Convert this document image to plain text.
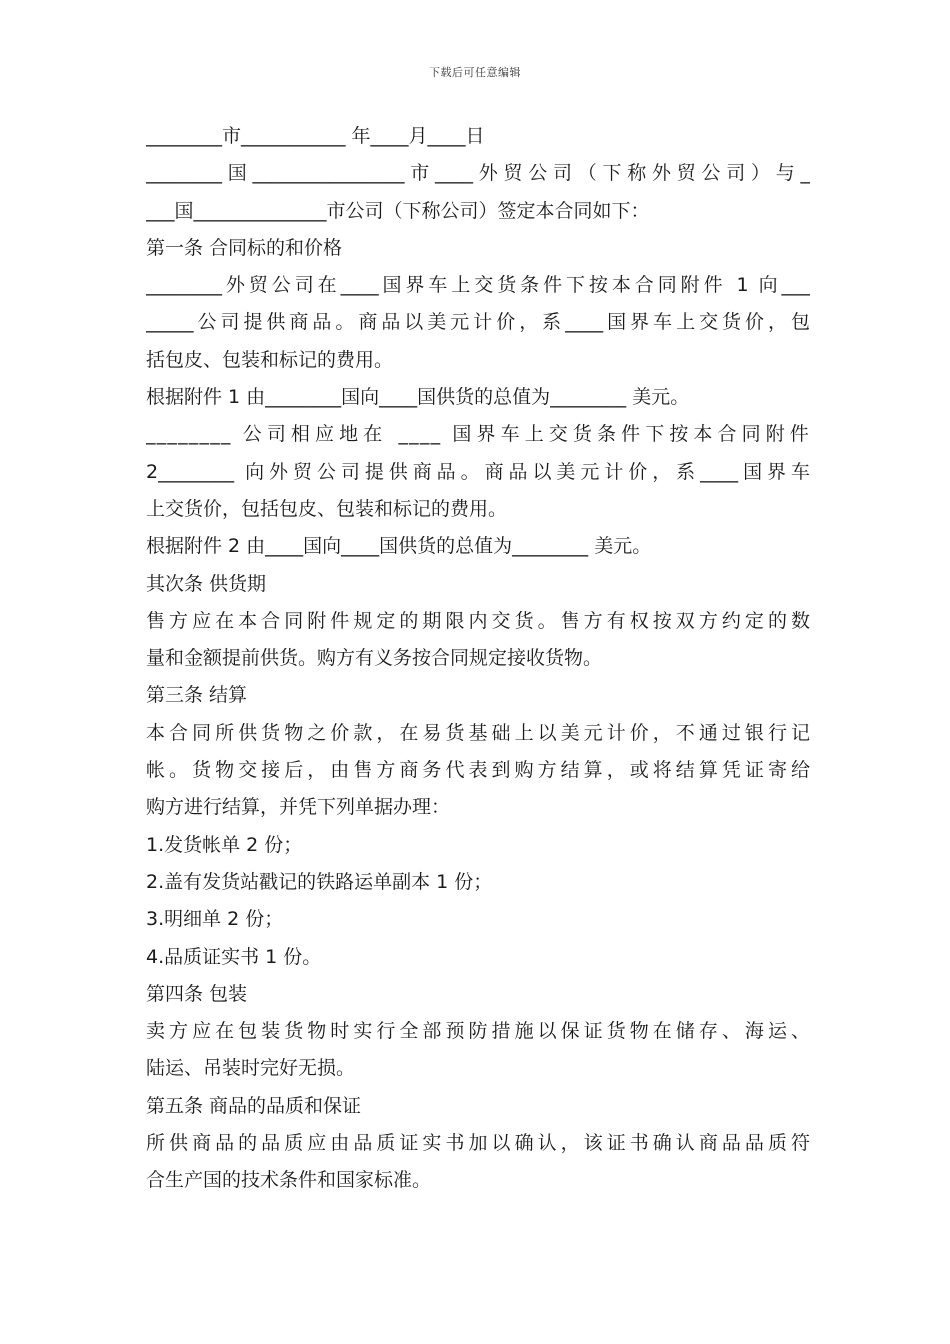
下载后可任意编辑
________市___________ 年____月____日
________国________________市____外贸公司（下称外贸公司）与_
___国______________市公司（下称公司）签定本合同如下：
第一条 合同标的和价格
________外贸公司在____国界车上交货条件下按本合同附件 1 向___
_____公司提供商品。商品以美元计价，系____国界车上交货价，包
括包皮、包装和标记的费用。
根据附件 1 由________国向____国供货的总值为________ 美元。
________ 公司相应地在 ____ 国界车上交货条件下按本合同附件
2________ 向外贸公司提供商品。商品以美元计价，系____国界车
上交货价，包括包皮、包装和标记的费用。
根据附件 2 由____国向____国供货的总值为________ 美元。
其次条 供货期
售方应在本合同附件规定的期限内交货。售方有权按双方约定的数
量和金额提前供货。购方有义务按合同规定接收货物。
第三条 结算
本合同所供货物之价款，在易货基础上以美元计价，不通过银行记
帐。货物交接后，由售方商务代表到购方结算，或将结算凭证寄给
购方进行结算，并凭下列单据办理：
1.发货帐单 2 份；
2.盖有发货站戳记的铁路运单副本 1 份；
3.明细单 2 份；
4.品质证实书 1 份。
第四条 包装
卖方应在包装货物时实行全部预防措施以保证货物在储存、海运、
陆运、吊装时完好无损。
第五条 商品的品质和保证
所供商品的品质应由品质证实书加以确认，该证书确认商品品质符
合生产国的技术条件和国家标准。
